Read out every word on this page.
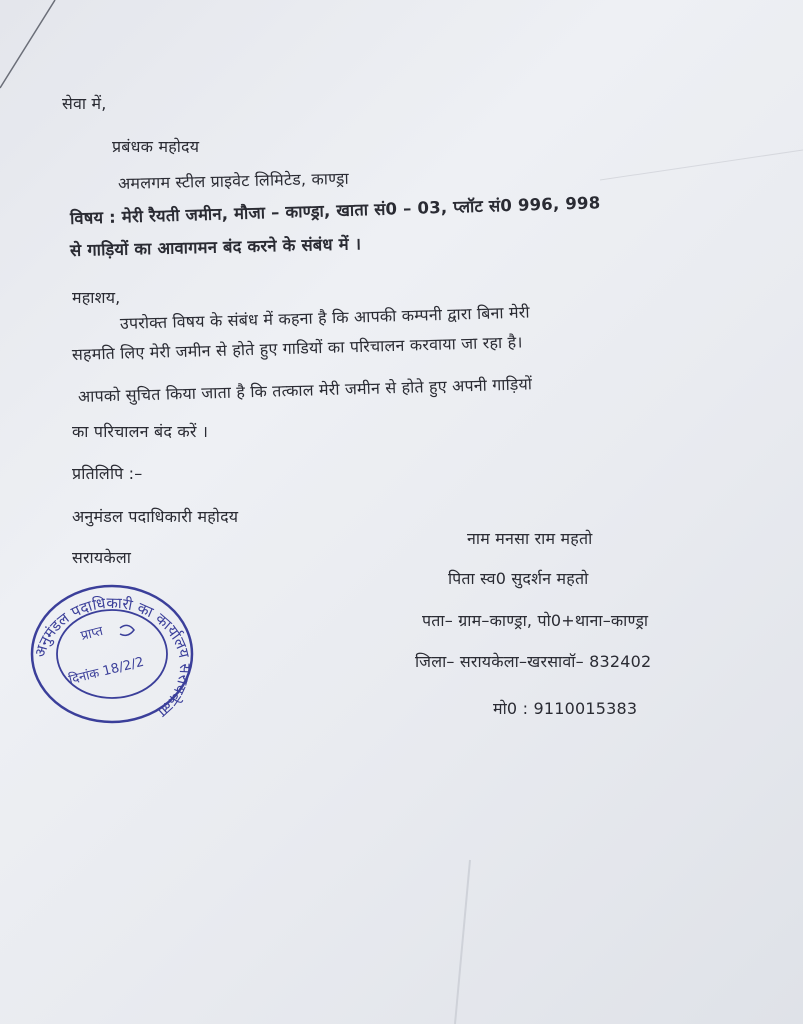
सेवा में,
प्रबंधक महोदय
अमलगम स्टील प्राइवेट लिमिटेड, काण्ड्रा
विषय : मेरी रैयती जमीन, मौजा – काण्ड्रा, खाता सं0 – 03, प्लॉट सं0 996, 998
से गाड़ियों का आवागमन बंद करने के संबंध में ।
महाशय,
उपरोक्त विषय के संबंध में कहना है कि आपकी कम्पनी द्वारा बिना मेरी
सहमति लिए मेरी जमीन से होते हुए गाडियों का परिचालन करवाया जा रहा है।
आपको सुचित किया जाता है कि तत्काल मेरी जमीन से होते हुए अपनी गाड़ियों
का परिचालन बंद करें ।
प्रतिलिपि :–
अनुमंडल पदाधिकारी महोदय
सरायकेला
नाम मनसा राम महतो
पिता स्व0 सुदर्शन महतो
पता– ग्राम–काण्ड्रा, पो0+थाना–काण्ड्रा
जिला– सरायकेला–खरसावॉ– 832402
मो0 : 9110015383
अनुमंडल पदाधिकारी का कार्यालय सरायकेला
प्राप्त
दिनांक 18/2/2
